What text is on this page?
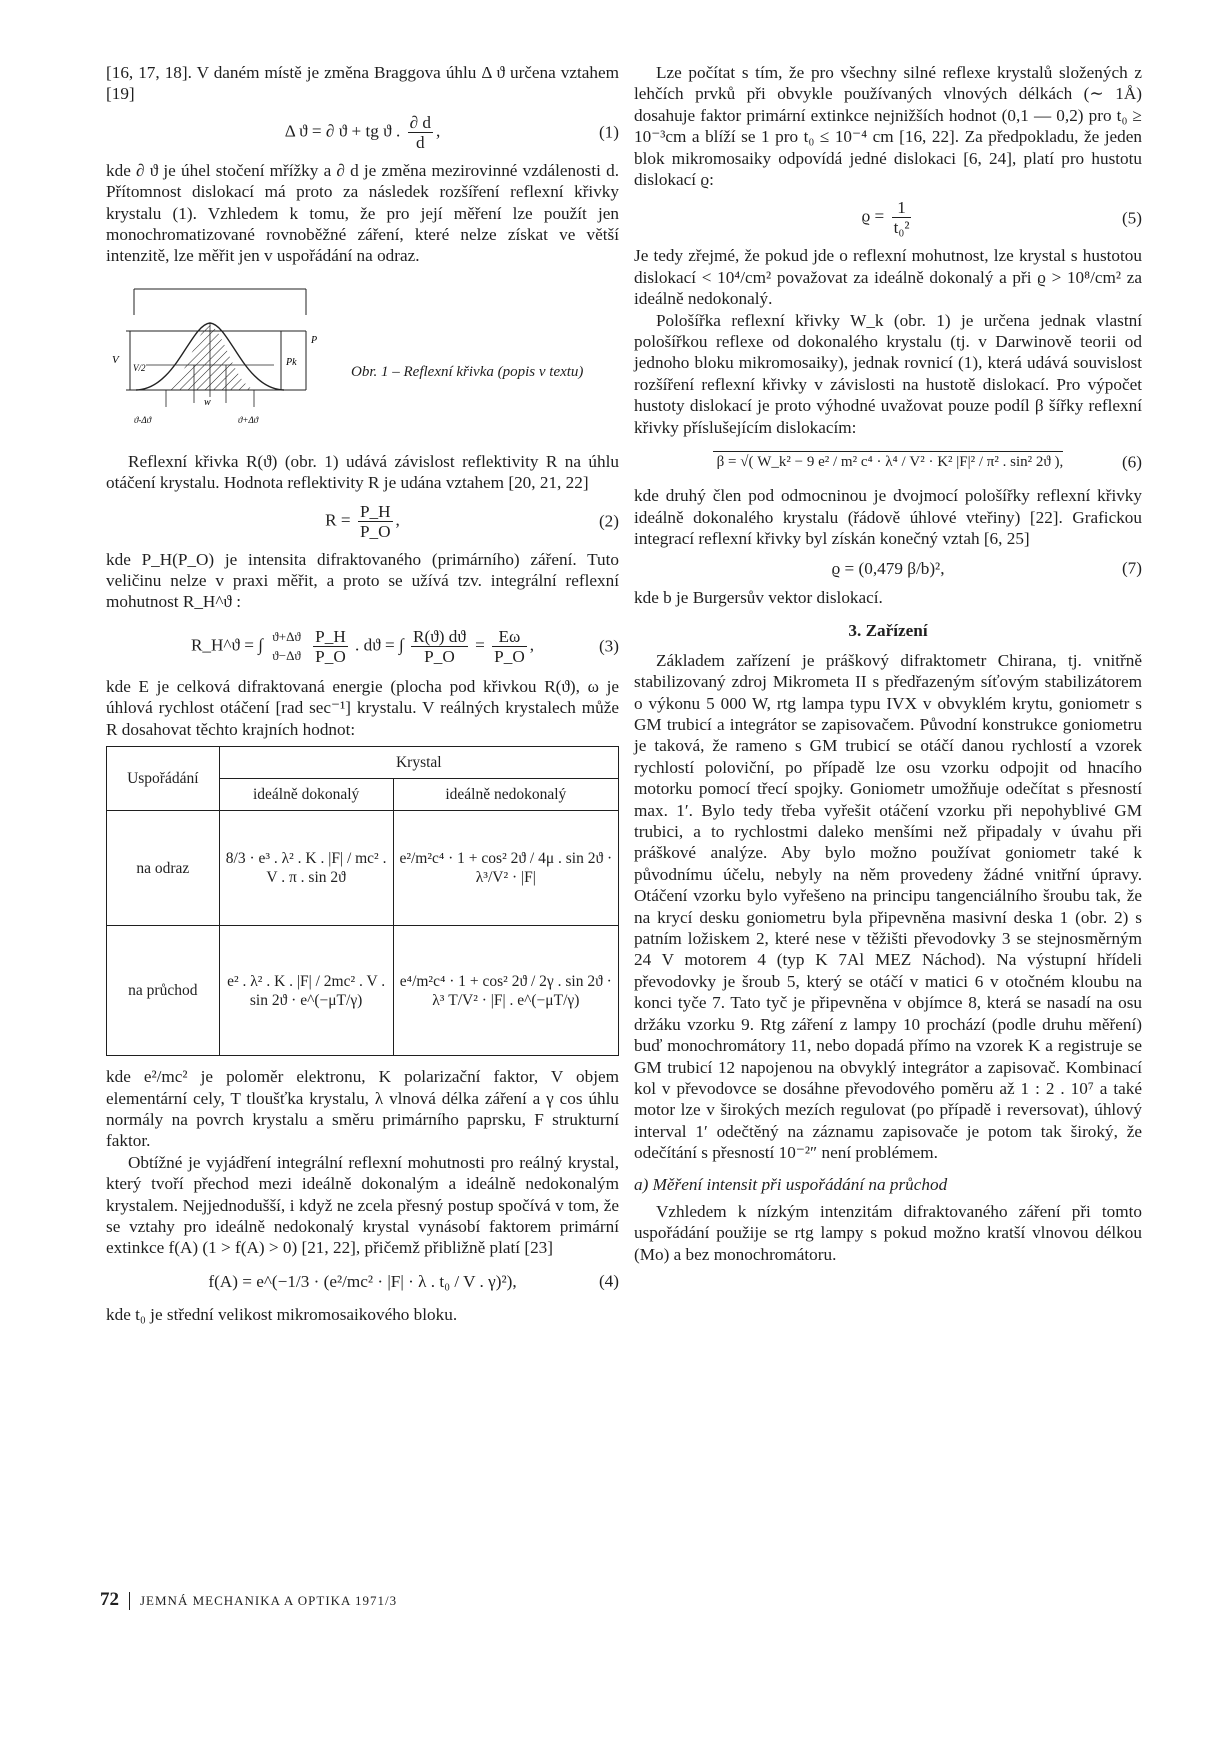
[16, 17, 18]. V daném místě je změna Braggova úhlu Δ ϑ určena vztahem [19]

Δ ϑ = ∂ ϑ + tg ϑ . $\frac{\partial d}{d}$ ,	(1)

kde ∂ ϑ je úhel stočení mřížky a ∂ d je změna mezirovinné vzdálenosti d. Přítomnost dislokací má proto za následek rozšíření reflexní křivky krystalu (1). Vzhledem k tomu, že pro její měření lze použít jen monochromatizované rovnoběžné záření, které nelze získat ve větší intenzitě, lze měřit jen v uspořádání na odraz.

V
V/2
w
P
Pk
ϑ-Δϑ	ϑ+Δϑ
Obr. 1 – Reflexní křivka (popis v textu)

Reflexní křivka R(ϑ) (obr. 1) udává závislost reflektivity R na úhlu otáčení krystalu. Hodnota reflektivity R je udána vztahem [20, 21, 22]

$R = \frac{P\_H}{P\_O}$ ,	(2)

kde P_H(P_O) je intensita difraktovaného (primárního) záření. Tuto veličinu nelze v praxi měřit, a proto se užívá tzv. integrální reflexní mohutnost R_H^ϑ :

R_H^ϑ = ∫ ϑ+Δϑ
ϑ−Δϑ
$\frac{P\_H}{P\_O}$ . dϑ = ∫ $\frac{R(ϑ) dϑ}{P\_O} = \frac{E\omega}{P\_O}$ ,	(3)

kde E je celková difraktovaná energie (plocha pod křivkou R(ϑ), ω je úhlová rychlost otáčení [rad sec⁻¹] krystalu. V reálných krystalech může R dosahovat těchto krajních hodnot:

Uspořádání	Krystal	
	ideálně dokonalý	ideálně nedokonalý
na odraz	8/3 · e³ . λ² . K . |F| / mc² . V . π . sin 2ϑ	e²/m²c⁴ · 1 + cos² 2ϑ / 4μ . sin 2ϑ · λ³/V² · |F|
na průchod	e² . λ² . K . |F| / 2mc² . V . sin 2ϑ · e^(−μT/γ)	e⁴/m²c⁴ · 1 + cos² 2ϑ / 2γ . sin 2ϑ · λ³ T/V² · |F| . e^(−μT/γ)

kde e²/mc² je poloměr elektronu, K polarizační faktor, V objem elementární cely, T tloušťka krystalu, λ vlnová délka záření a γ cos úhlu normály na povrch krystalu a směru primárního paprsku, F strukturní faktor.

Obtížné je vyjádření integrální reflexní mohutnosti pro reálný krystal, který tvoří přechod mezi ideálně dokonalým a ideálně nedokonalým krystalem. Nejjednodušší, i když ne zcela přesný postup spočívá v tom, že se vztahy pro ideálně nedokonalý krystal vynásobí faktorem primární extinkce f(A) (1 > f(A) > 0) [21, 22], přičemž přibližně platí [23]

f(A) = e^(−1/3 · (e²/mc² · |F| · λ . t₀ / V . γ)²),	(4)

kde t₀ je střední velikost mikromosaikového bloku.

Lze počítat s tím, že pro všechny silné reflexe krystalů složených z lehčích prvků při obvykle používaných vlnových délkách (∼ 1Å) dosahuje faktor primární extinkce nejnižších hodnot (0,1 — 0,2) pro t₀ ≥ 10⁻³cm a blíží se 1 pro t₀ ≤ 10⁻⁴ cm [16, 22]. Za předpokladu, že jeden blok mikromosaiky odpovídá jedné dislokaci [6, 24], platí pro hustotu dislokací ϱ:

$ϱ = \frac{1}{\text{t₀²}}$	(5)

Je tedy zřejmé, že pokud jde o reflexní mohutnost, lze krystal s hustotou dislokací < 10⁴/cm² považovat za ideálně dokonalý a při ϱ > 10⁸/cm² za ideálně nedokonalý.

Pološířka reflexní křivky W_k (obr. 1) je určena jednak vlastní pološířkou reflexe od dokonalého krystalu (tj. v Darwinově teorii od jednoho bloku mikromosaiky), jednak rovnicí (1), která udává souvislost rozšíření reflexní křivky v závislosti na hustotě dislokací. Pro výpočet hustoty dislokací je proto výhodné uvažovat pouze podíl β šířky reflexní křivky příslušejícím dislokacím:

β = √( W_k² − 9 e² / m² c⁴ · λ⁴ / V² · K² |F|² / π² . sin² 2ϑ ),	(6)

kde druhý člen pod odmocninou je dvojmocí pološířky reflexní křivky ideálně dokonalého krystalu (řádově úhlové vteřiny) [22]. Grafickou integrací reflexní křivky byl získán konečný vztah [6, 25]

ϱ = (0,479 β/b)²,	(7)

kde b je Burgersův vektor dislokací.

3. Zařízení

Základem zařízení je práškový difraktometr Chirana, tj. vnitřně stabilizovaný zdroj Mikrometa II s předřazeným síťovým stabilizátorem o výkonu 5 000 W, rtg lampa typu IVX v obvyklém krytu, goniometr s GM trubicí a integrátor se zapisovačem. Původní konstrukce goniometru je taková, že rameno s GM trubicí se otáčí danou rychlostí a vzorek rychlostí poloviční, po případě lze osu vzorku odpojit od hnacího motorku pomocí třecí spojky. Goniometr umožňuje odečítat s přesností max. 1′. Bylo tedy třeba vyřešit otáčení vzorku při nepohyblivé GM trubici, a to rychlostmi daleko menšími než připadaly v úvahu při práškové analýze. Aby bylo možno používat goniometr také k původnímu účelu, nebyly na něm provedeny žádné vnitřní úpravy. Otáčení vzorku bylo vyřešeno na principu tangenciálního šroubu tak, že na krycí desku goniometru byla připevněna masivní deska 1 (obr. 2) s patním ložiskem 2, které nese v těžišti převodovky 3 se stejnosměrným 24 V motorem 4 (typ K 7Al MEZ Náchod). Na výstupní hřídeli převodovky je šroub 5, který se otáčí v matici 6 v otočném kloubu na konci tyče 7. Tato tyč je připevněna v objímce 8, která se nasadí na osu držáku vzorku 9. Rtg záření z lampy 10 prochází (podle druhu měření) buď monochromátory 11, nebo dopadá přímo na vzorek K a registruje se GM trubicí 12 napojenou na obvyklý integrátor a zapisovač. Kombinací kol v převodovce se dosáhne převodového poměru až 1 : 2 . 10⁷ a také motor lze v širokých mezích regulovat (po případě i reversovat), úhlový interval 1′ odečtěný na záznamu zapisovače je potom tak široký, že odečítání s přesností 10⁻²″ není problémem.

a) Měření intensit při uspořádání na průchod

Vzhledem k nízkým intenzitám difraktovaného záření při tomto uspořádání použije se rtg lampy s pokud možno kratší vlnovou délkou (Mo) a bez monochromátoru.

72 JEMNÁ MECHANIKA A OPTIKA 1971/3
